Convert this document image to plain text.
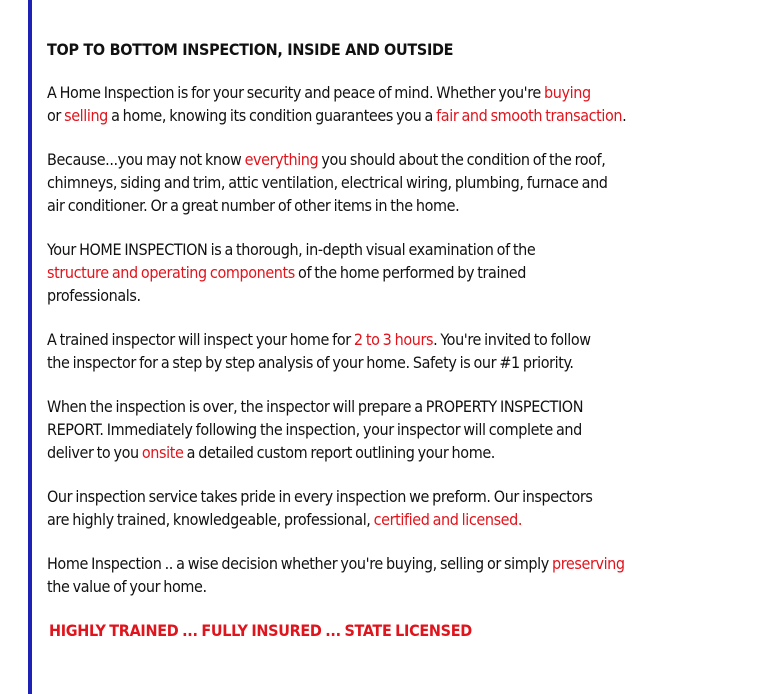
TOP TO BOTTOM INSPECTION, INSIDE AND OUTSIDE
A Home Inspection is for your security and peace of mind. Whether you're buying
or selling a home, knowing its condition guarantees you a fair and smooth transaction.
Because...you may not know everything you should about the condition of the roof,
chimneys, siding and trim, attic ventilation, electrical wiring, plumbing, furnace and
air conditioner. Or a great number of other items in the home.
Your HOME INSPECTION is a thorough, in-depth visual examination of the
structure and operating components of the home performed by trained
professionals.
A trained inspector will inspect your home for 2 to 3 hours. You're invited to follow
the inspector for a step by step analysis of your home. Safety is our #1 priority.
When the inspection is over, the inspector will prepare a PROPERTY INSPECTION
REPORT. Immediately following the inspection, your inspector will complete and
deliver to you onsite a detailed custom report outlining your home.
Our inspection service takes pride in every inspection we preform. Our inspectors
are highly trained, knowledgeable, professional, certified and licensed.
Home Inspection .. a wise decision whether you're buying, selling or simply preserving
the value of your home.
HIGHLY TRAINED ... FULLY INSURED ... STATE LICENSED
